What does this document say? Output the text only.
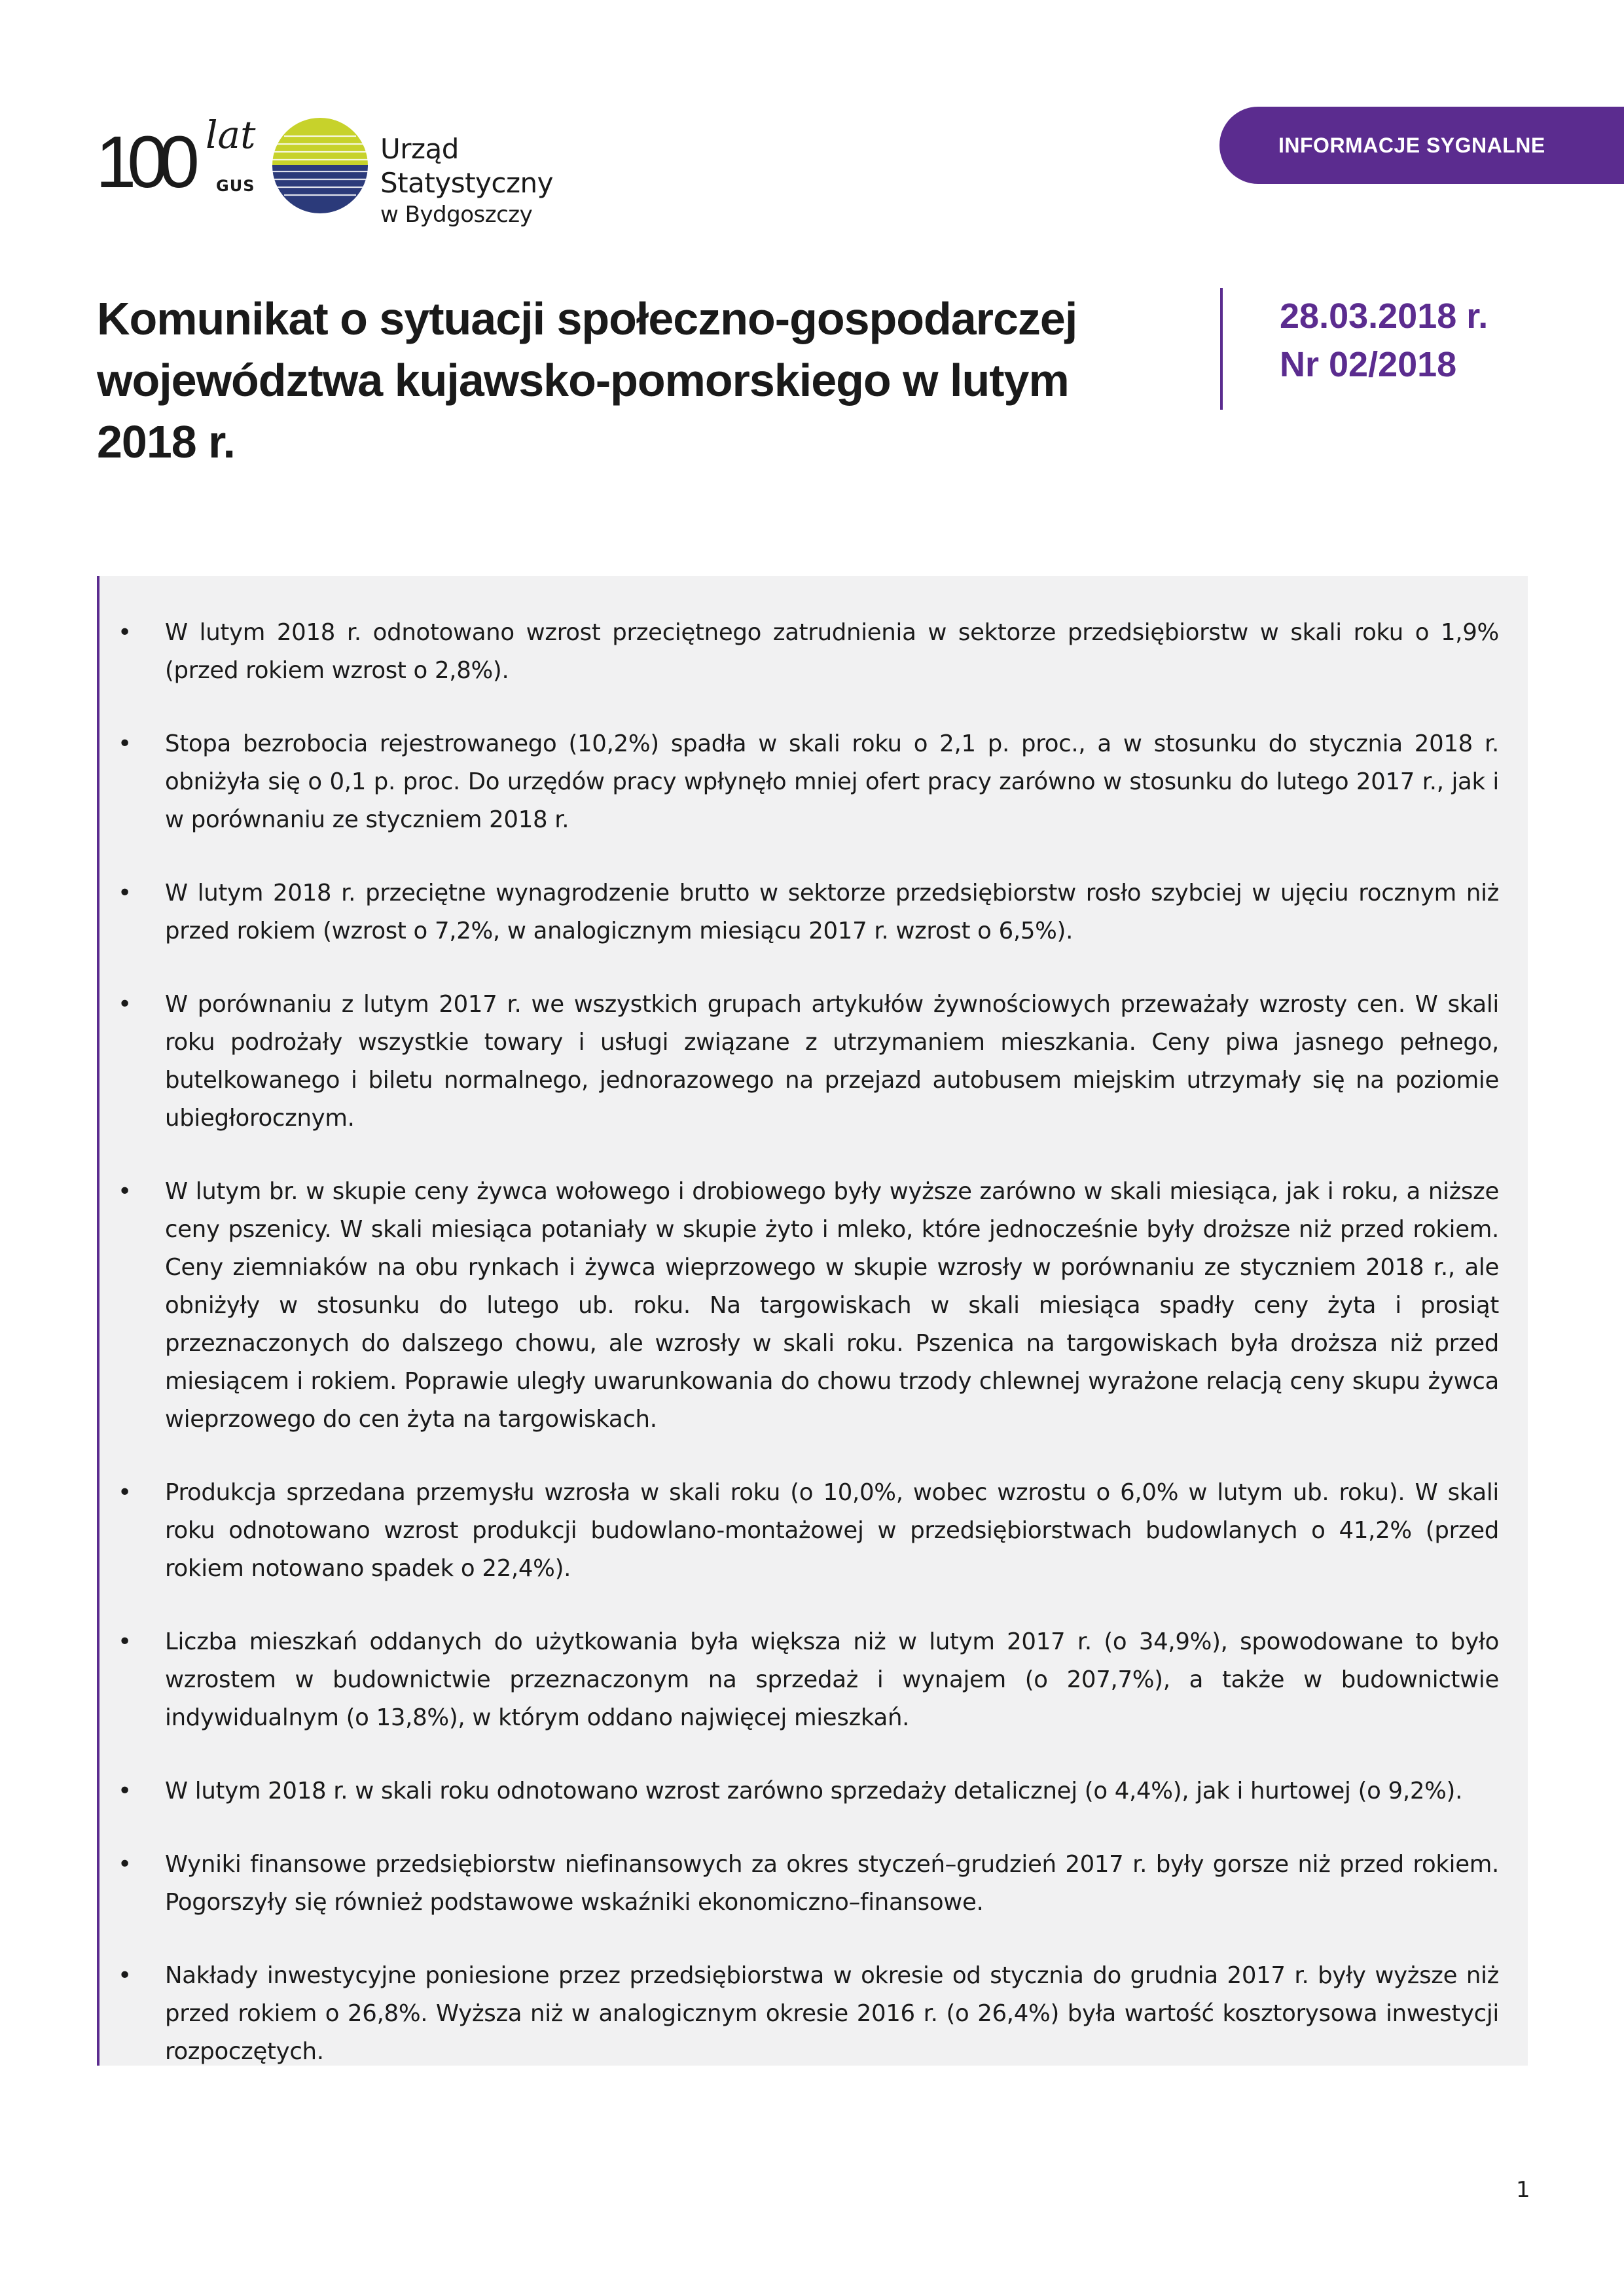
100 lat
GUS
Urząd Statystyczny
w Bydgoszczy
INFORMACJE SYGNALNE
Komunikat o sytuacji społeczno-gospodarczej województwa kujawsko-pomorskiego w lutym 2018 r.
28.03.2018 r.
Nr 02/2018
• W lutym 2018 r. odnotowano wzrost przeciętnego zatrudnienia w sektorze przedsiębiorstw w skali roku o 1,9% (przed rokiem wzrost o 2,8%).
• Stopa bezrobocia rejestrowanego (10,2%) spadła w skali roku o 2,1 p. proc., a w stosunku do stycznia 2018 r. obniżyła się o 0,1 p. proc. Do urzędów pracy wpłynęło mniej ofert pracy zarówno w stosunku do lutego 2017 r., jak i w porównaniu ze styczniem 2018 r.
• W lutym 2018 r. przeciętne wynagrodzenie brutto w sektorze przedsiębiorstw rosło szybciej w ujęciu rocznym niż przed rokiem (wzrost o 7,2%, w analogicznym miesiącu 2017 r. wzrost o 6,5%).
• W porównaniu z lutym 2017 r. we wszystkich grupach artykułów żywnościowych przeważały wzrosty cen. W skali roku podrożały wszystkie towary i usługi związane z utrzymaniem mieszkania. Ceny piwa jasnego pełnego, butelkowanego i biletu normalnego, jednorazowego na przejazd autobusem miejskim utrzymały się na poziomie ubiegłorocznym.
• W lutym br. w skupie ceny żywca wołowego i drobiowego były wyższe zarówno w skali miesiąca, jak i roku, a niższe ceny pszenicy. W skali miesiąca potaniały w skupie żyto i mleko, które jednocześnie były droższe niż przed rokiem. Ceny ziemniaków na obu rynkach i żywca wieprzowego w skupie wzrosły w porównaniu ze styczniem 2018 r., ale obniżyły w stosunku do lutego ub. roku. Na targowiskach w skali miesiąca spadły ceny żyta i prosiąt przeznaczonych do dalszego chowu, ale wzrosły w skali roku. Pszenica na targowiskach była droższa niż przed miesiącem i rokiem. Poprawie uległy uwarunkowania do chowu trzody chlewnej wyrażone relacją ceny skupu żywca wieprzowego do cen żyta na targowiskach.
• Produkcja sprzedana przemysłu wzrosła w skali roku (o 10,0%, wobec wzrostu o 6,0% w lutym ub. roku). W skali roku odnotowano wzrost produkcji budowlano-montażowej w przedsiębiorstwach budowlanych o 41,2% (przed rokiem notowano spadek o 22,4%).
• Liczba mieszkań oddanych do użytkowania była większa niż w lutym 2017 r. (o 34,9%), spowodowane to było wzrostem w budownictwie przeznaczonym na sprzedaż i wynajem (o 207,7%), a także w budownictwie indywidualnym (o 13,8%), w którym oddano najwięcej mieszkań.
• W lutym 2018 r. w skali roku odnotowano wzrost zarówno sprzedaży detalicznej (o 4,4%), jak i hurtowej (o 9,2%).
• Wyniki finansowe przedsiębiorstw niefinansowych za okres styczeń–grudzień 2017 r. były gorsze niż przed rokiem. Pogorszyły się również podstawowe wskaźniki ekonomiczno–finansowe.
• Nakłady inwestycyjne poniesione przez przedsiębiorstwa w okresie od stycznia do grudnia 2017 r. były wyższe niż przed rokiem o 26,8%. Wyższa niż w analogicznym okresie 2016 r. (o 26,4%) była wartość kosztorysowa inwestycji rozpoczętych.
1
